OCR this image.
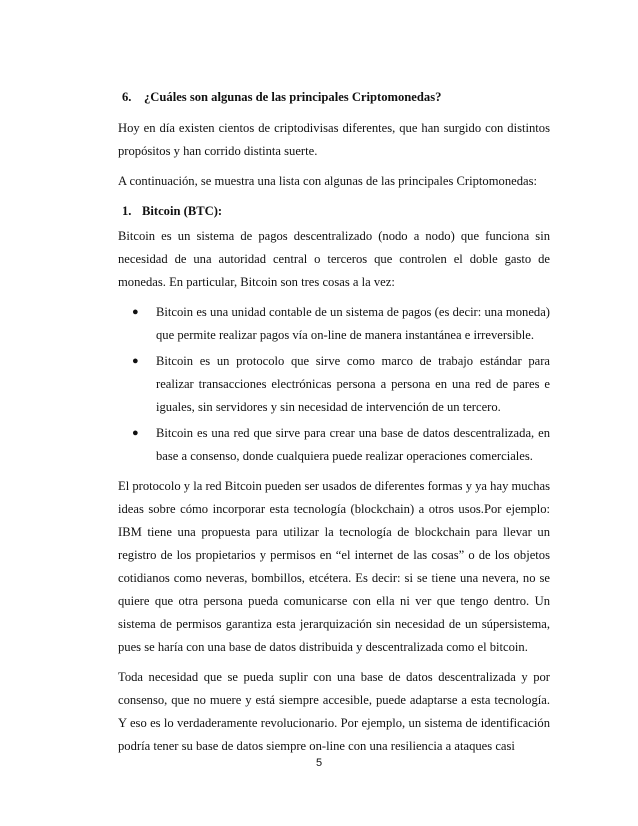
6. ¿Cuáles son algunas de las principales Criptomonedas?

Hoy en día existen cientos de criptodivisas diferentes, que han surgido con distintos propósitos y han corrido distinta suerte.

A continuación, se muestra una lista con algunas de las principales Criptomonedas:

1. Bitcoin (BTC):

Bitcoin es un sistema de pagos descentralizado (nodo a nodo) que funciona sin necesidad de una autoridad central o terceros que controlen el doble gasto de monedas. En particular, Bitcoin son tres cosas a la vez:

● Bitcoin es una unidad contable de un sistema de pagos (es decir: una moneda) que permite realizar pagos vía on-line de manera instantánea e irreversible.
● Bitcoin es un protocolo que sirve como marco de trabajo estándar para realizar transacciones electrónicas persona a persona en una red de pares e iguales, sin servidores y sin necesidad de intervención de un tercero.
● Bitcoin es una red que sirve para crear una base de datos descentralizada, en base a consenso, donde cualquiera puede realizar operaciones comerciales.

El protocolo y la red Bitcoin pueden ser usados de diferentes formas y ya hay muchas ideas sobre cómo incorporar esta tecnología (blockchain) a otros usos.Por ejemplo: IBM tiene una propuesta para utilizar la tecnología de blockchain para llevar un registro de los propietarios y permisos en “el internet de las cosas” o de los objetos cotidianos como neveras, bombillos, etcétera. Es decir: si se tiene una nevera, no se quiere que otra persona pueda comunicarse con ella ni ver que tengo dentro. Un sistema de permisos garantiza esta jerarquización sin necesidad de un súpersistema, pues se haría con una base de datos distribuida y descentralizada como el bitcoin.

Toda necesidad que se pueda suplir con una base de datos descentralizada y por consenso, que no muere y está siempre accesible, puede adaptarse a esta tecnología. Y eso es lo verdaderamente revolucionario. Por ejemplo, un sistema de identificación podría tener su base de datos siempre on-line con una resiliencia a ataques casi

5
